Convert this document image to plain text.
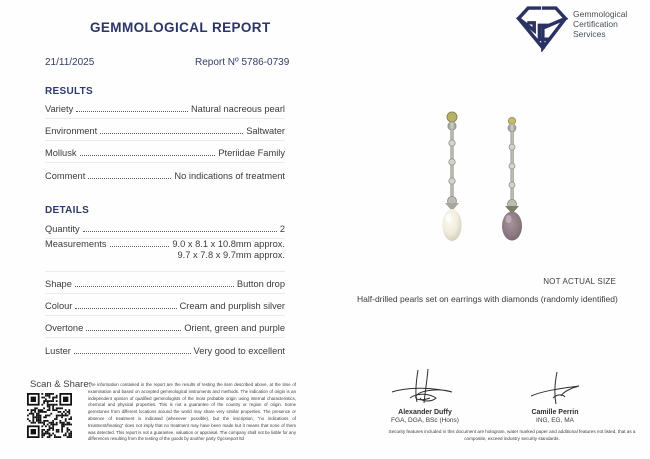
GEMMOLOGICAL REPORT
Gemmological
Certification
Services
21/11/2025	Report Nº 5786-0739
RESULTS
Variety	Natural nacreous pearl
Environment	Saltwater
Mollusk	Pteriidae Family
Comment	No indications of treatment
DETAILS
Quantity	2
Measurements	9.0 x 8.1 x 10.8mm approx.
9.7 x 7.8 x 9.7mm approx.
Shape	Button drop
Colour	Cream and purplish silver
Overtone	Orient, green and purple
Luster	Very good to excellent
NOT ACTUAL SIZE
Half-drilled pearls set on earrings with diamonds (randomly identified)
Scan & Share:
The information contained in the report are the results of testing the item described above, at the time of examination and based on accepted gemmological instruments and methods. The indication of origin is an independent opinion of qualified gemmologists of the most probable origin using internal characteristics, chemical and physical properties. This is not a guarantee of the country or region of origin. Some gemstones from different locations around the world may share very similar properties. The presence or absence of treatment is indicated (whenever possible), but the inscription; "no indications of treatment/heating" does not imply that no treatment may have been made but it means that none of them was detected. This report is not a guarantee, valuation or appraisal. The company shall not be liable for any differences resulting from the testing of the goods by another party ©gcsreport ltd
Alexander Duffy
FGA, DGA, BSc (Hons)
Camille Perrin
ING, EG, MA
Security features included in this document are hologram, water marked paper and additional features not listed, that as a composite, exceed industry security standards.
